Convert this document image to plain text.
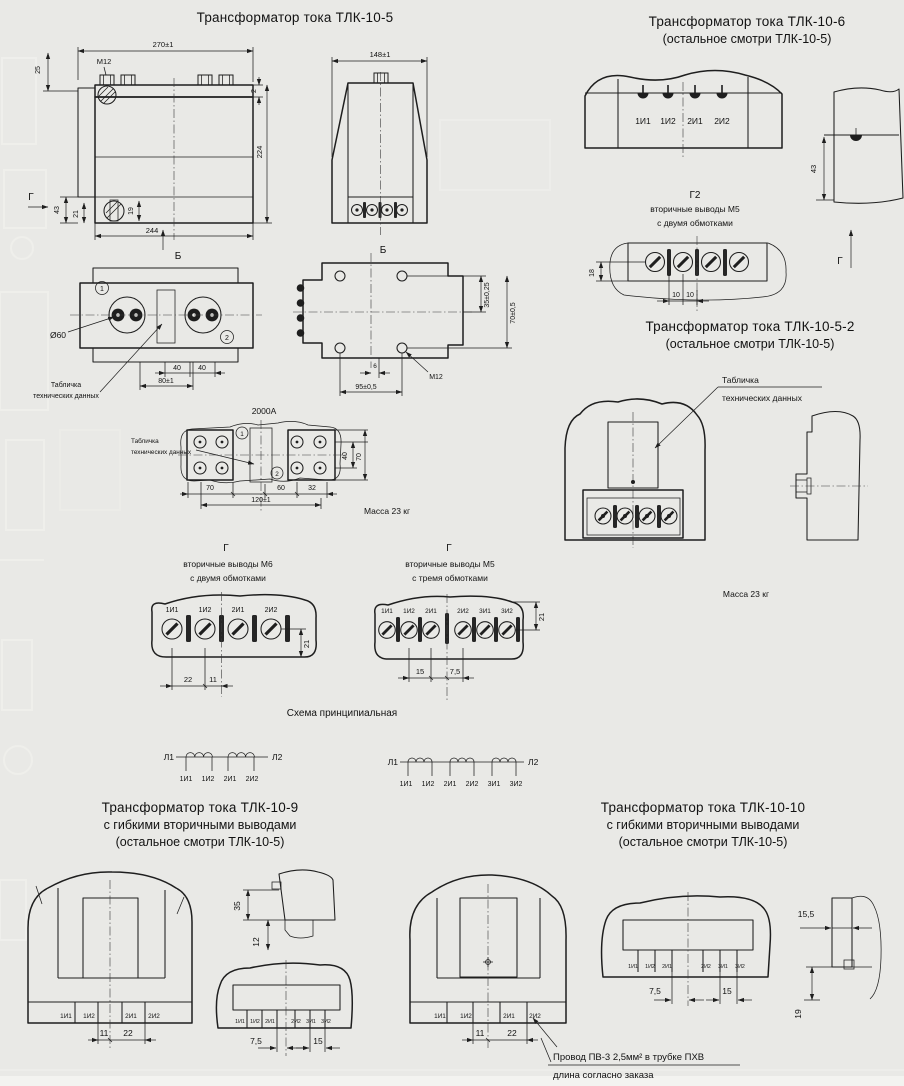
Трансформатор тока ТЛК-10-5
270±1
М12
25
2
224
244
Г
43
21	19
148±1
Б
1
2
Ø60
Табличка
технических данных
40 40
80±1
Б
35±0,25
70±0,5
6
95±0,5
М12
2000А
1
2
Табличка
технических данных
70	60	32
120±1
40 70
Масса 23 кг
Г
вторичные выводы М6
с двумя обмотками
1И1	1И2	2И1	2И2
22 11
21
Г
вторичные выводы М5
с тремя обмотками
1И1 1И2 2И1	2И2 3И1 3И2
15	7,5
21
Схема принципиальная
Л1	Л2
1И1 1И2 2И1 2И2
Л1	Л2
1И1 1И2 2И1 2И2 3И1 3И2
Трансформатор тока ТЛК-10-6
(остальное смотри ТЛК-10-5)
1И1 1И2 2И1 2И2
43
Г2
вторичные выводы М5
с двумя обмотками
18
10 10
Г
Трансформатор тока ТЛК-10-5-2
(остальное смотри ТЛК-10-5)
Табличка
технических данных
Масса 23 кг
Трансформатор тока ТЛК-10-9
с гибкими вторичными выводами
(остальное смотри ТЛК-10-5)
1И1 1И2	2И1 2И2
11 22
35
12
1И1 1И2 2И1	2И2 3И1 3И2
7,5	15
Трансформатор тока ТЛК-10-10
с гибкими вторичными выводами
(остальное смотри ТЛК-10-5)
1И1 1И2	2И1 2И2
11	22
1И1 1И2 2И1	2И2 3И1 3И2
7,5	15
15,5
19
Провод ПВ-3 2,5мм² в трубке ПХВ
длина согласно заказа
